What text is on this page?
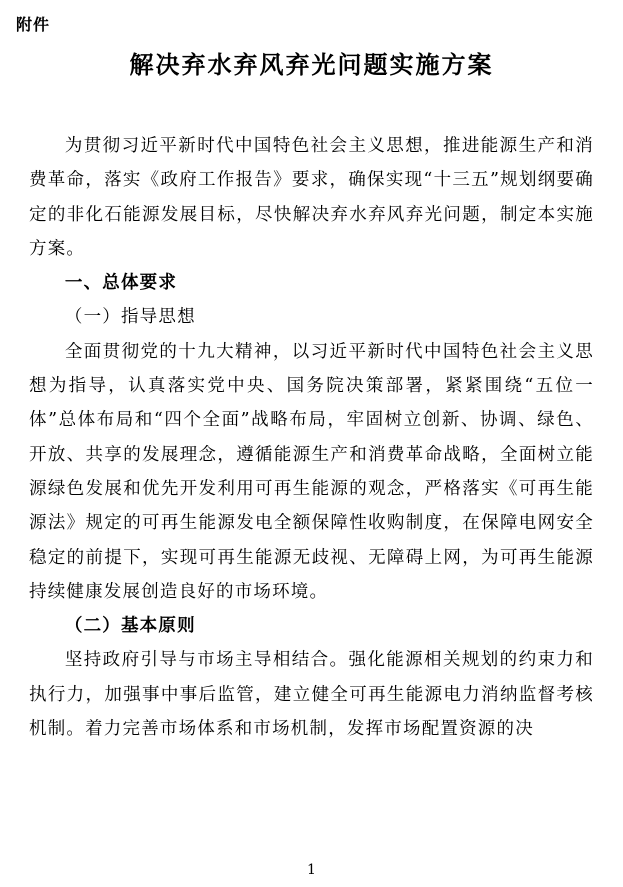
附件
解决弃水弃风弃光问题实施方案

为贯彻习近平新时代中国特色社会主义思想，推进能源生产和消费革命，落实《政府工作报告》要求，确保实现“十三五”规划纲要确定的非化石能源发展目标，尽快解决弃水弃风弃光问题，制定本实施方案。

一、总体要求

（一）指导思想

全面贯彻党的十九大精神，以习近平新时代中国特色社会主义思想为指导，认真落实党中央、国务院决策部署，紧紧围绕“五位一体”总体布局和“四个全面”战略布局，牢固树立创新、协调、绿色、开放、共享的发展理念，遵循能源生产和消费革命战略，全面树立能源绿色发展和优先开发利用可再生能源的观念，严格落实《可再生能源法》规定的可再生能源发电全额保障性收购制度，在保障电网安全稳定的前提下，实现可再生能源无歧视、无障碍上网，为可再生能源持续健康发展创造良好的市场环境。

（二）基本原则

坚持政府引导与市场主导相结合。强化能源相关规划的约束力和执行力，加强事中事后监管，建立健全可再生能源电力消纳监督考核机制。着力完善市场体系和市场机制，发挥市场配置资源的决

1
